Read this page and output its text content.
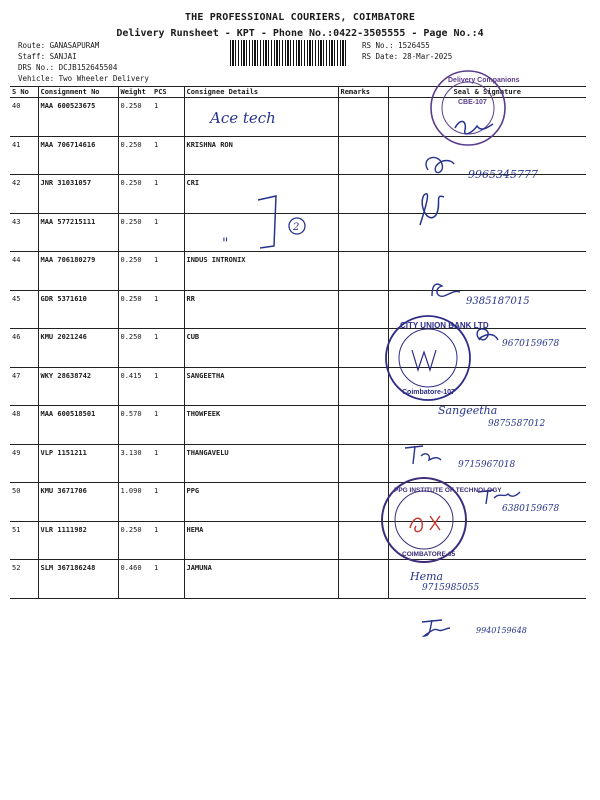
THE PROFESSIONAL COURIERS, COIMBATORE
Delivery Runsheet - KPT - Phone No.:0422-3505555 - Page No.:4
Route: GANASAPURAM
Staff: SANJAI
DRS No.: DCJB152645504
Vehicle: Two Wheeler Delivery
RS No.: 1526455
RS Date: 28-Mar-2025
S No	Consignment No	Weight	PCS	Consignee Details	Remarks	Seal & Signature
40	MAA 600523675	0.250	1			
41	MAA 706714616	0.250	1	KRISHNA RON		
42	JNR 31031057	0.250	1	CRI		
43	MAA 577215111	0.250	1			
44	MAA 706180279	0.250	1	INDUS INTRONIX		
45	GDR 5371610	0.250	1	RR		
46	KMU 2021246	0.250	1	CUB		
47	WKY 28638742	0.415	1	SANGEETHA		
48	MAA 600518501	0.570	1	THOWFEEK		
49	VLP 1151211	3.130	1	THANGAVELU		
50	KMU 3671706	1.090	1	PPG		
51	VLR 1111982	0.250	1	HEMA		
52	SLM 367186248	0.460	1	JAMUNA		
Ace tech
Delivery Companions
CBE-107
9965345777
"
2
9385187015
CITY UNION BANK LTD
Coimbatore-107
9670159678
Sangeetha
9875587012
9715967018
6380159678
PPG INSTITUTE OF TECHNOLOGY
COIMBATORE-35
Hema
9715985055
9940159648
